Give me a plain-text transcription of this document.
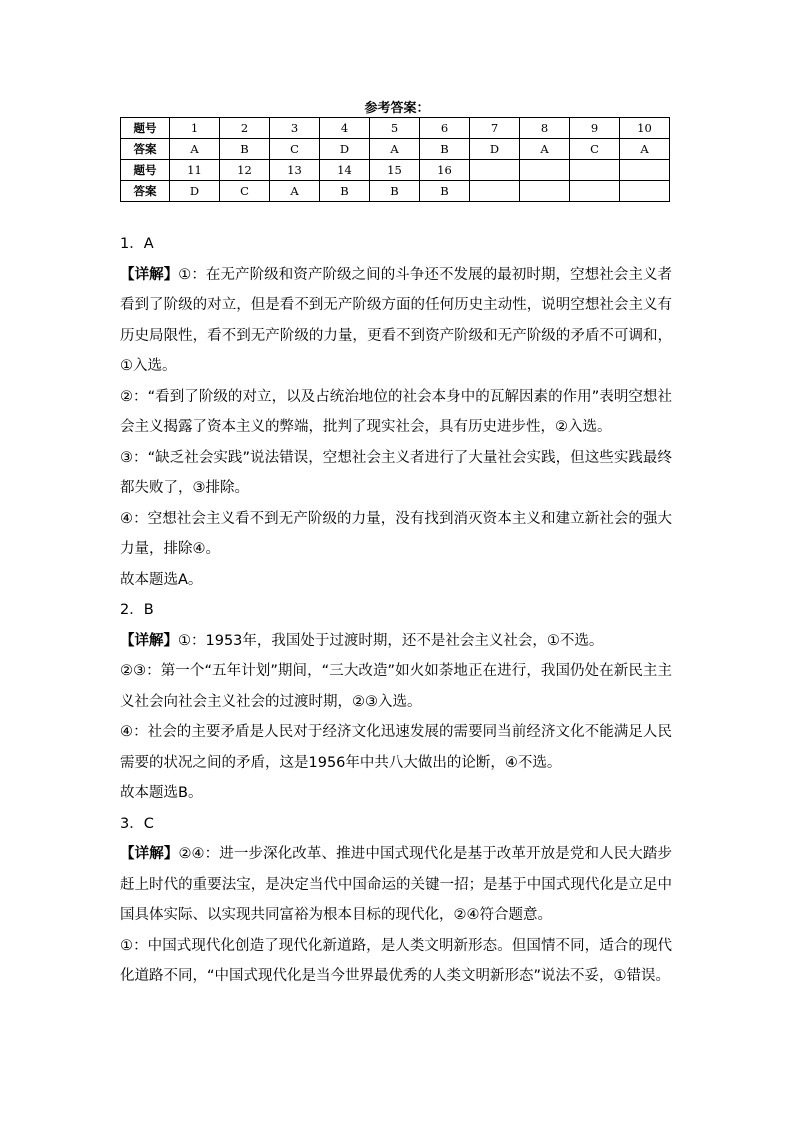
参考答案：
题号	1	2	3	4	5	6	7	8	9	10
答案	A	B	C	D	A	B	D	A	C	A
题号	11	12	13	14	15	16				
答案	D	C	A	B	B	B				

1．A

【详解】①：在无产阶级和资产阶级之间的斗争还不发展的最初时期，空想社会主义者看到了阶级的对立，但是看不到无产阶级方面的任何历史主动性，说明空想社会主义有历史局限性，看不到无产阶级的力量，更看不到资产阶级和无产阶级的矛盾不可调和，①入选。

②：“看到了阶级的对立，以及占统治地位的社会本身中的瓦解因素的作用”表明空想社会主义揭露了资本主义的弊端，批判了现实社会，具有历史进步性，②入选。

③：“缺乏社会实践”说法错误，空想社会主义者进行了大量社会实践，但这些实践最终都失败了，③排除。

④：空想社会主义看不到无产阶级的力量，没有找到消灭资本主义和建立新社会的强大力量，排除④。

故本题选A。

2．B

【详解】①：1953年，我国处于过渡时期，还不是社会主义社会，①不选。

②③：第一个“五年计划”期间，“三大改造”如火如荼地正在进行，我国仍处在新民主主义社会向社会主义社会的过渡时期，②③入选。

④：社会的主要矛盾是人民对于经济文化迅速发展的需要同当前经济文化不能满足人民需要的状况之间的矛盾，这是1956年中共八大做出的论断，④不选。

故本题选B。

3．C

【详解】②④：进一步深化改革、推进中国式现代化是基于改革开放是党和人民大踏步赶上时代的重要法宝，是决定当代中国命运的关键一招；是基于中国式现代化是立足中国具体实际、以实现共同富裕为根本目标的现代化，②④符合题意。

①：中国式现代化创造了现代化新道路，是人类文明新形态。但国情不同，适合的现代化道路不同，“中国式现代化是当今世界最优秀的人类文明新形态”说法不妥，①错误。
